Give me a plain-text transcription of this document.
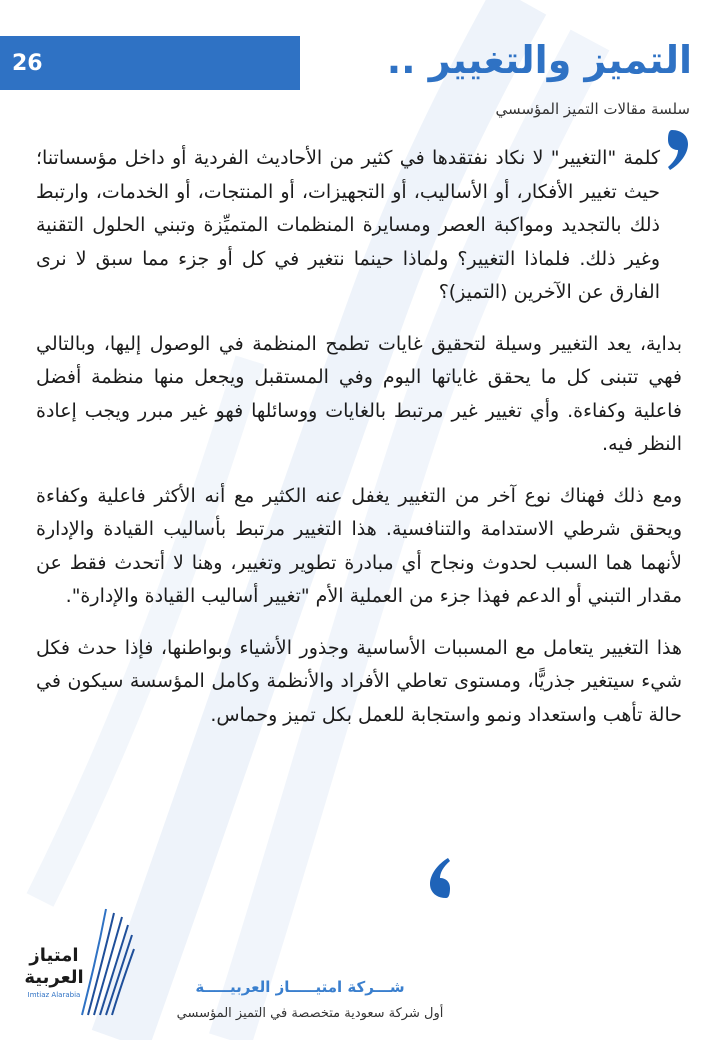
26	التميز والتغيير ..
سلسة مقالات التميز المؤسسي

كلمة "التغيير" لا نكاد نفتقدها في كثير من الأحاديث الفردية أو داخل مؤسساتنا؛ حيث تغيير الأفكار، أو الأساليب، أو التجهيزات، أو المنتجات، أو الخدمات، وارتبط ذلك بالتجديد ومواكبة العصر ومسايرة المنظمات المتميِّزة وتبني الحلول التقنية وغير ذلك. فلماذا التغيير؟ ولماذا حينما نتغير في كل أو جزء مما سبق لا نرى الفارق عن الآخرين (التميز)؟

بداية، يعد التغيير وسيلة لتحقيق غايات تطمح المنظمة في الوصول إليها، وبالتالي فهي تتبنى كل ما يحقق غاياتها اليوم وفي المستقبل ويجعل منها منظمة أفضل فاعلية وكفاءة. وأي تغيير غير مرتبط بالغايات ووسائلها فهو غير مبرر ويجب إعادة النظر فيه.

ومع ذلك فهناك نوع آخر من التغيير يغفل عنه الكثير مع أنه الأكثر فاعلية وكفاءة ويحقق شرطي الاستدامة والتنافسية. هذا التغيير مرتبط بأساليب القيادة والإدارة لأنهما هما السبب لحدوث ونجاح أي مبادرة تطوير وتغيير، وهنا لا أتحدث فقط عن مقدار التبني أو الدعم فهذا جزء من العملية الأم "تغيير أساليب القيادة والإدارة".

هذا التغيير يتعامل مع المسببات الأساسية وجذور الأشياء وبواطنها، فإذا حدث فكل شيء سيتغير جذريًّا، ومستوى تعاطي الأفراد والأنظمة وكامل المؤسسة سيكون في حالة تأهب واستعداد ونمو واستجابة للعمل بكل تميز وحماس.

امتياز
العربية
Imtiaz Alarabia	شـــركة امتيـــــاز العربيـــــة
أول شركة سعودية متخصصة في التميز المؤسسي
